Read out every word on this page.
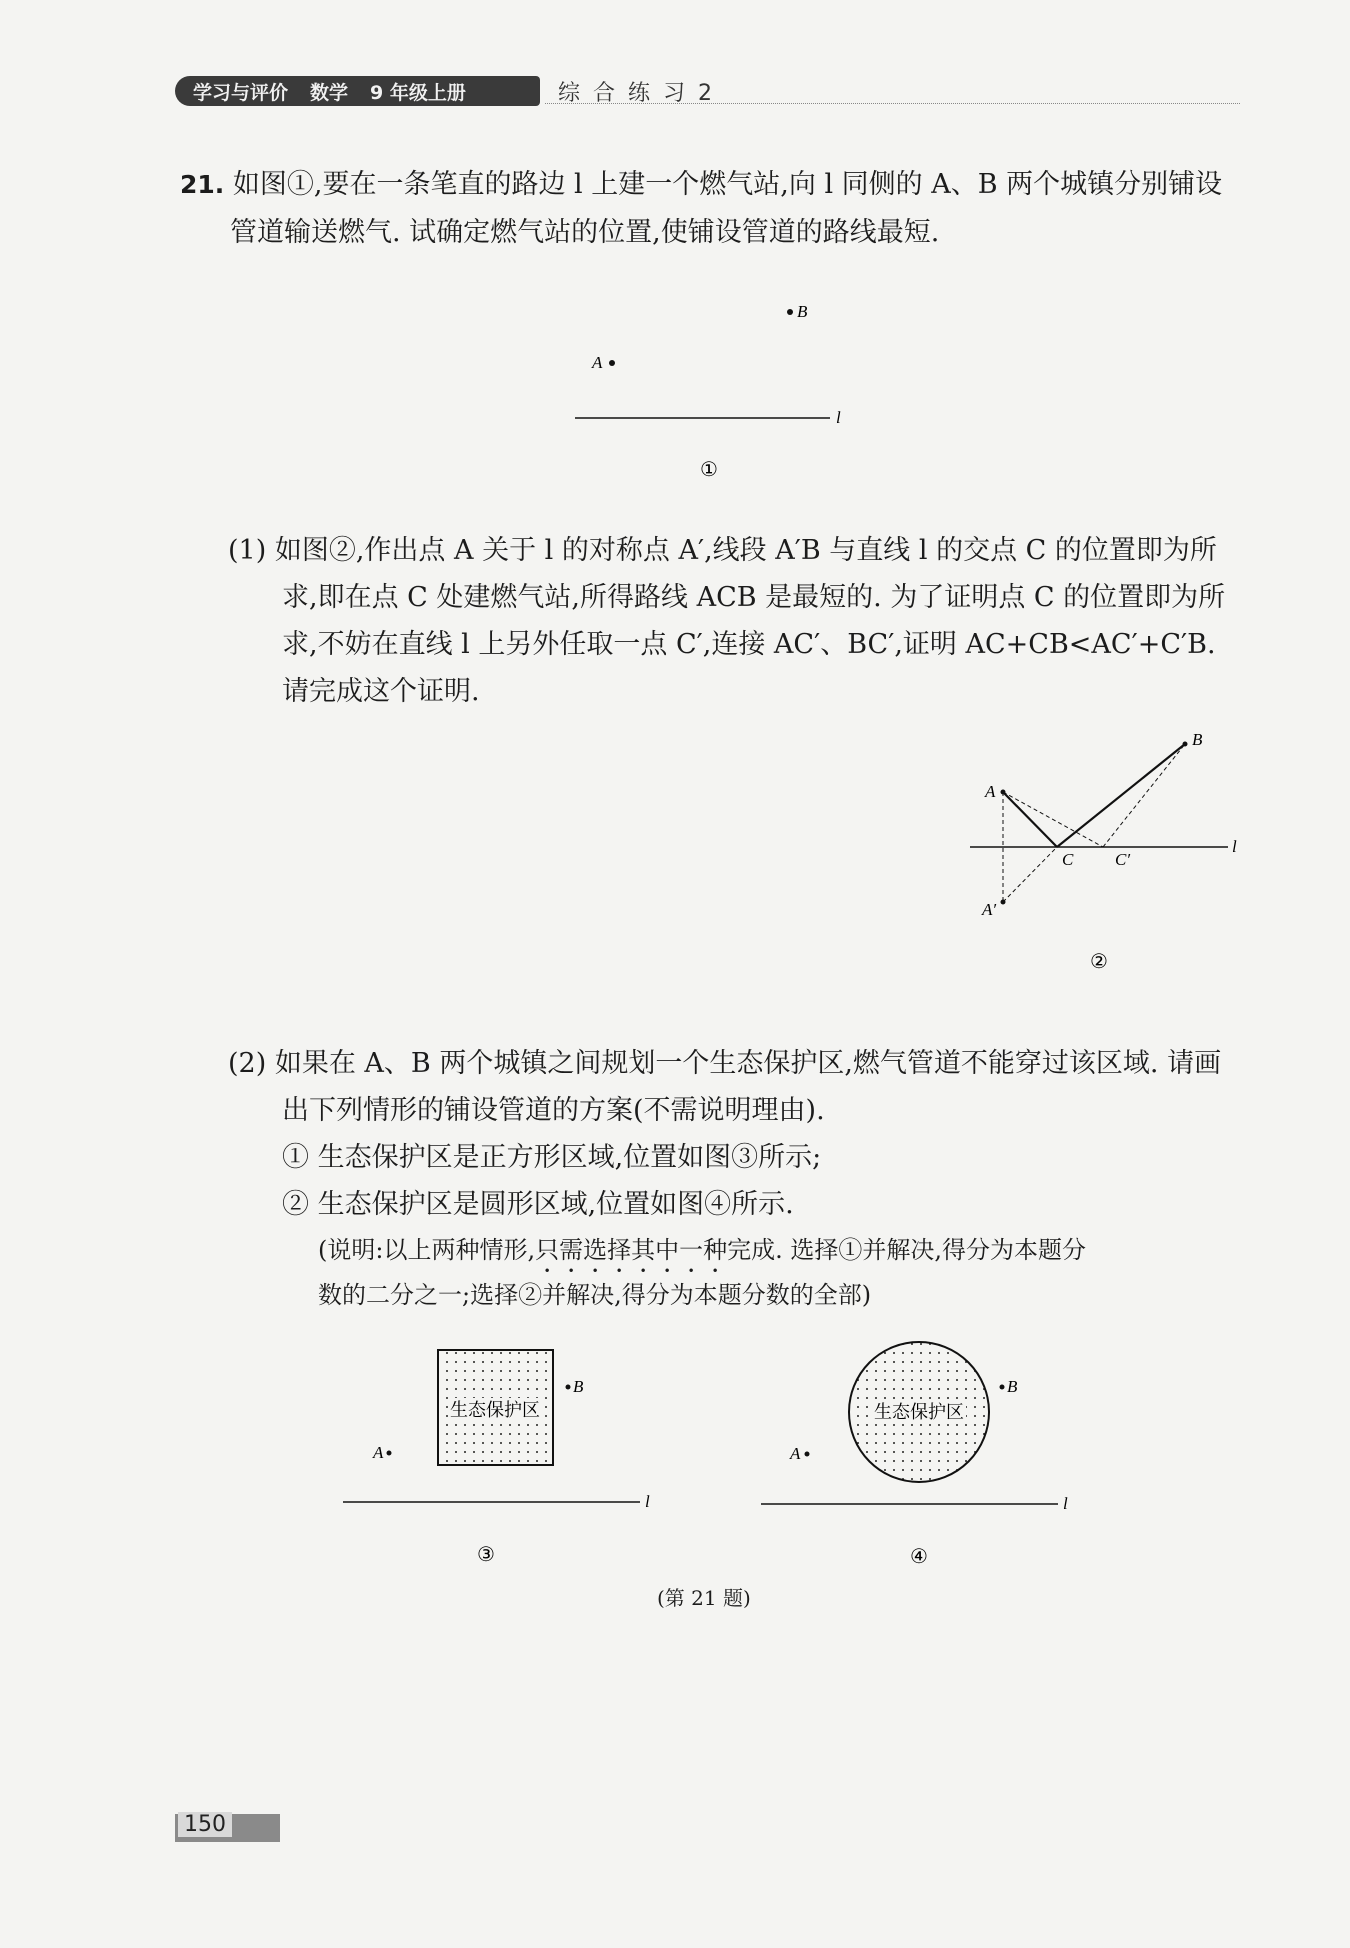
学习与评价 数学 9 年级上册	综 合 练 习 2
21. 如图①,要在一条笔直的路边 l 上建一个燃气站,向 l 同侧的 A、B 两个城镇分别铺设
管道输送燃气. 试确定燃气站的位置,使铺设管道的路线最短.
B
A
l
①
(1) 如图②,作出点 A 关于 l 的对称点 A′,线段 A′B 与直线 l 的交点 C 的位置即为所
求,即在点 C 处建燃气站,所得路线 ACB 是最短的. 为了证明点 C 的位置即为所
求,不妨在直线 l 上另外任取一点 C′,连接 AC′、BC′,证明 AC+CB<AC′+C′B.
请完成这个证明.
l
A
B
A′
C C′
②
(2) 如果在 A、B 两个城镇之间规划一个生态保护区,燃气管道不能穿过该区域. 请画
出下列情形的铺设管道的方案(不需说明理由).
① 生态保护区是正方形区域,位置如图③所示;
② 生态保护区是圆形区域,位置如图④所示.
(说明:以上两种情形,只需选择其中一种完成. 选择①并解决,得分为本题分
数的二分之一;选择②并解决,得分为本题分数的全部)
生态保护区
B
A
l
③
生态保护区
B
A
l
④
(第 21 题)
150
